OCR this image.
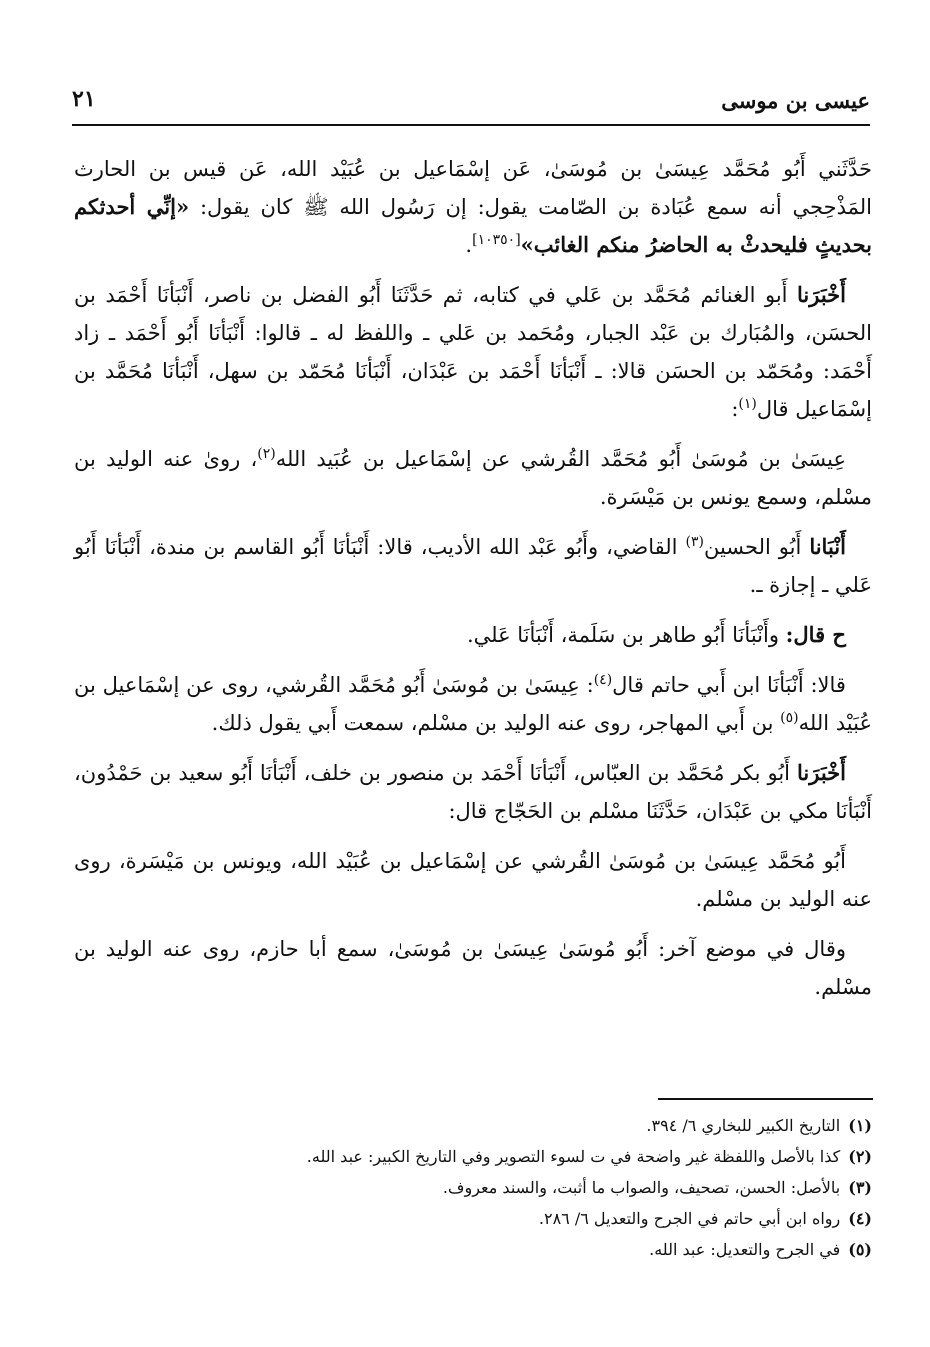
عيسى بن موسى
٢١

حَدَّثَني أَبُو مُحَمَّد عِيسَىٰ بن مُوسَىٰ، عَن إسْمَاعيل بن عُبَيْد الله، عَن قيس بن الحارث المَذْحِجي أنه سمع عُبَادة بن الصّامت يقول: إن رَسُول الله ﷺ كان يقول: «إنِّي أحدثكم بحديثٍ فليحدثْ به الحاضرُ منكم الغائب»[١٠٣٥٠].

أَخْبَرَنا أَبو الغنائم مُحَمَّد بن عَلي في كتابه، ثم حَدَّثَنَا أَبُو الفضل بن ناصر، أَنْبَأنَا أَحْمَد بن الحسَن، والمُبَارك بن عَبْد الجبار، ومُحَمد بن عَلي ـ واللفظ له ـ قالوا: أَنْبَأنَا أَبُو أَحْمَد ـ زاد أَحْمَد: ومُحَمّد بن الحسَن قالا: ـ أَنْبَأنَا أَحْمَد بن عَبْدَان، أَنْبَأنَا مُحَمّد بن سهل، أَنْبَأنَا مُحَمَّد بن إسْمَاعيل قال$^{(١)}$:

عِيسَىٰ بن مُوسَىٰ أَبُو مُحَمَّد القُرشي عن إسْمَاعيل بن عُبَيد الله$^{(٢)}$، روىٰ عنه الوليد بن مسْلم، وسمع يونس بن مَيْسَرة.

أَنْبَانا أَبُو الحسين$^{(٣)}$ القاضي، وأَبُو عَبْد الله الأديب، قالا: أَنْبَأنَا أَبُو القاسم بن مندة، أَنْبَأنَا أَبُو عَلي ـ إجازة ـ.

ح قال: وأَنْبَأنَا أَبُو طاهر بن سَلَمة، أَنْبَأنَا عَلي.

قالا: أَنْبَأنَا ابن أَبي حاتم قال$^{(٤)}$: عِيسَىٰ بن مُوسَىٰ أَبُو مُحَمَّد القُرشي، روى عن إسْمَاعيل بن عُبَيْد الله$^{(٥)}$ بن أَبي المهاجر، روى عنه الوليد بن مسْلم، سمعت أَبي يقول ذلك.

أَخْبَرَنا أَبُو بكر مُحَمَّد بن العبّاس، أَنْبَأنَا أَحْمَد بن منصور بن خلف، أَنْبَأنَا أَبُو سعيد بن حَمْدُون، أَنْبَأنَا مكي بن عَبْدَان، حَدَّثَنَا مسْلم بن الحَجّاج قال:

أَبُو مُحَمَّد عِيسَىٰ بن مُوسَىٰ القُرشي عن إسْمَاعيل بن عُبَيْد الله، ويونس بن مَيْسَرة، روى عنه الوليد بن مسْلم.

وقال في موضع آخر: أَبُو مُوسَىٰ عِيسَىٰ بن مُوسَىٰ، سمع أبا حازم، روى عنه الوليد بن مسْلم.

(١)التاريخ الكبير للبخاري ٦/ ٣٩٤.

(٢)كذا بالأصل واللفظة غير واضحة في ت لسوء التصوير وفي التاريخ الكبير: عبد الله.

(٣)بالأصل: الحسن، تصحيف، والصواب ما أثبت، والسند معروف.

(٤)رواه ابن أبي حاتم في الجرح والتعديل ٦/ ٢٨٦.

(٥)في الجرح والتعديل: عبد الله.
